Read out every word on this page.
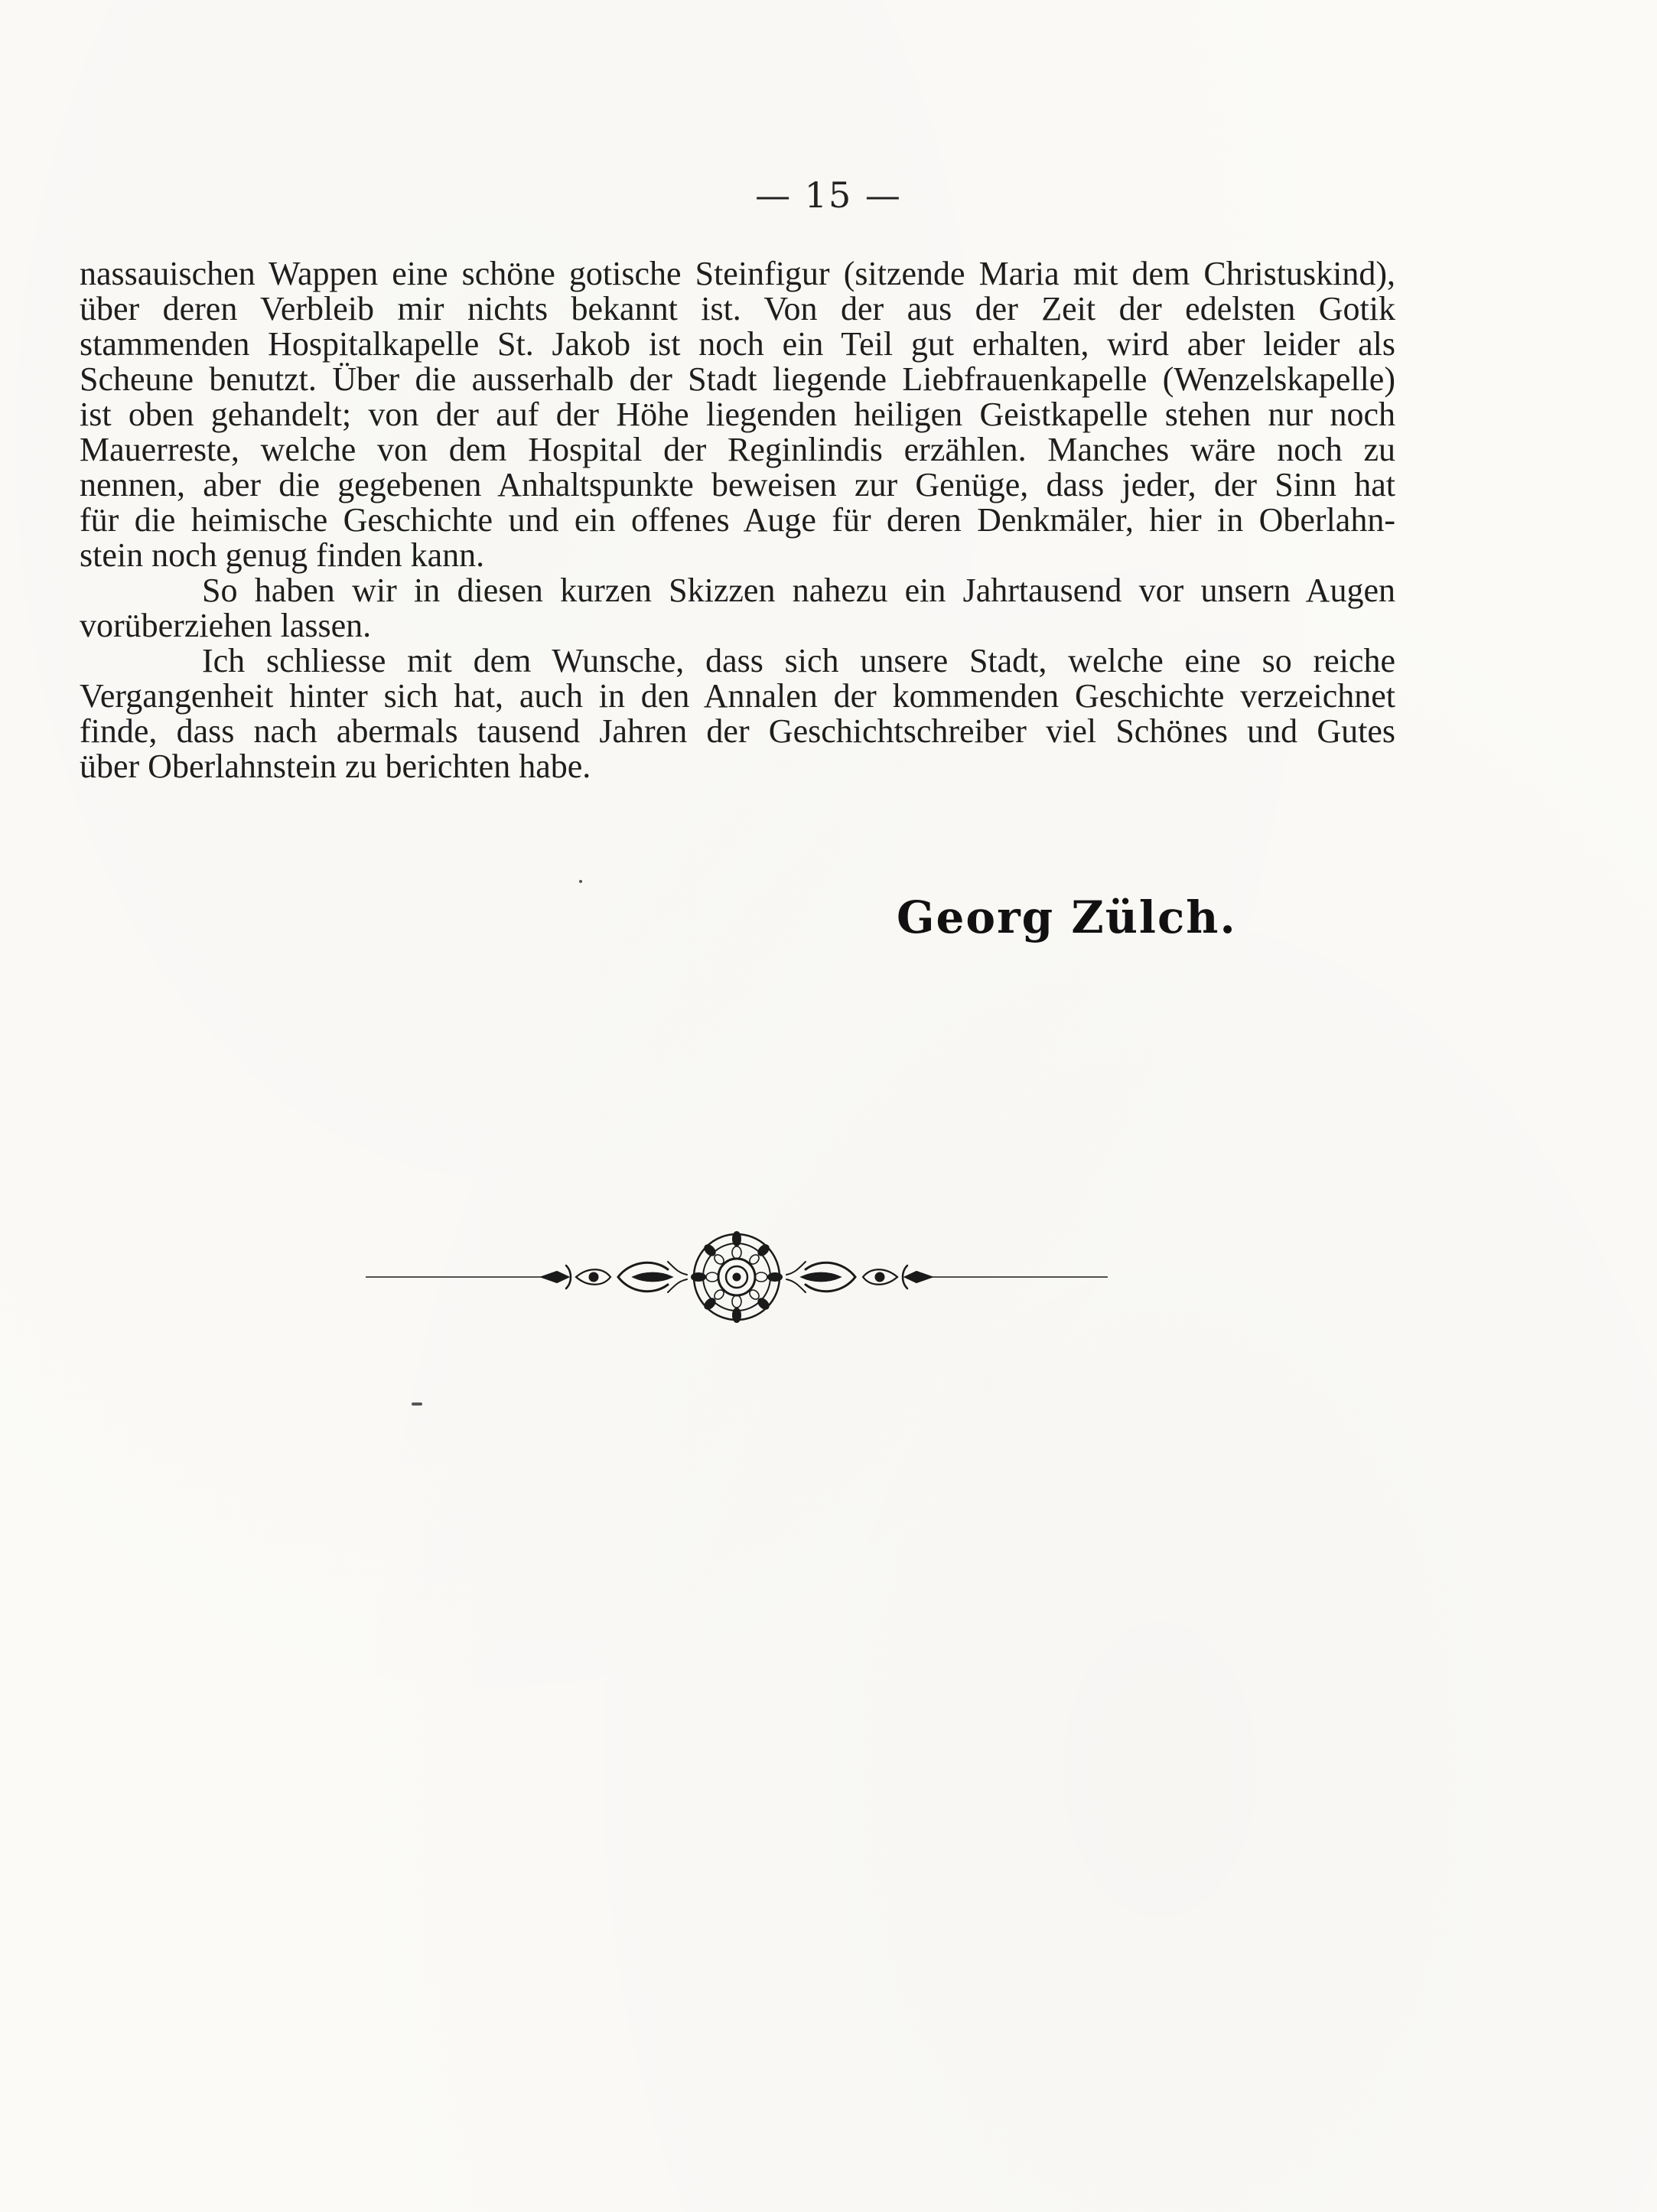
— 15 —
nassauischen Wappen eine schöne gotische Steinfigur (sitzende Maria mit dem Christuskind),
über deren Verbleib mir nichts bekannt ist. Von der aus der Zeit der edelsten Gotik
stammenden Hospitalkapelle St. Jakob ist noch ein Teil gut erhalten, wird aber leider als
Scheune benutzt. Über die ausserhalb der Stadt liegende Liebfrauenkapelle (Wenzelskapelle)
ist oben gehandelt; von der auf der Höhe liegenden heiligen Geistkapelle stehen nur noch
Mauerreste, welche von dem Hospital der Reginlindis erzählen. Manches wäre noch zu
nennen, aber die gegebenen Anhaltspunkte beweisen zur Genüge, dass jeder, der Sinn hat
für die heimische Geschichte und ein offenes Auge für deren Denkmäler, hier in Oberlahn-
stein noch genug finden kann.
So haben wir in diesen kurzen Skizzen nahezu ein Jahrtausend vor unsern Augen
vorüberziehen lassen.
Ich schliesse mit dem Wunsche, dass sich unsere Stadt, welche eine so reiche
Vergangenheit hinter sich hat, auch in den Annalen der kommenden Geschichte verzeichnet
finde, dass nach abermals tausend Jahren der Geschichtschreiber viel Schönes und Gutes
über Oberlahnstein zu berichten habe.
Georg Zülch.
